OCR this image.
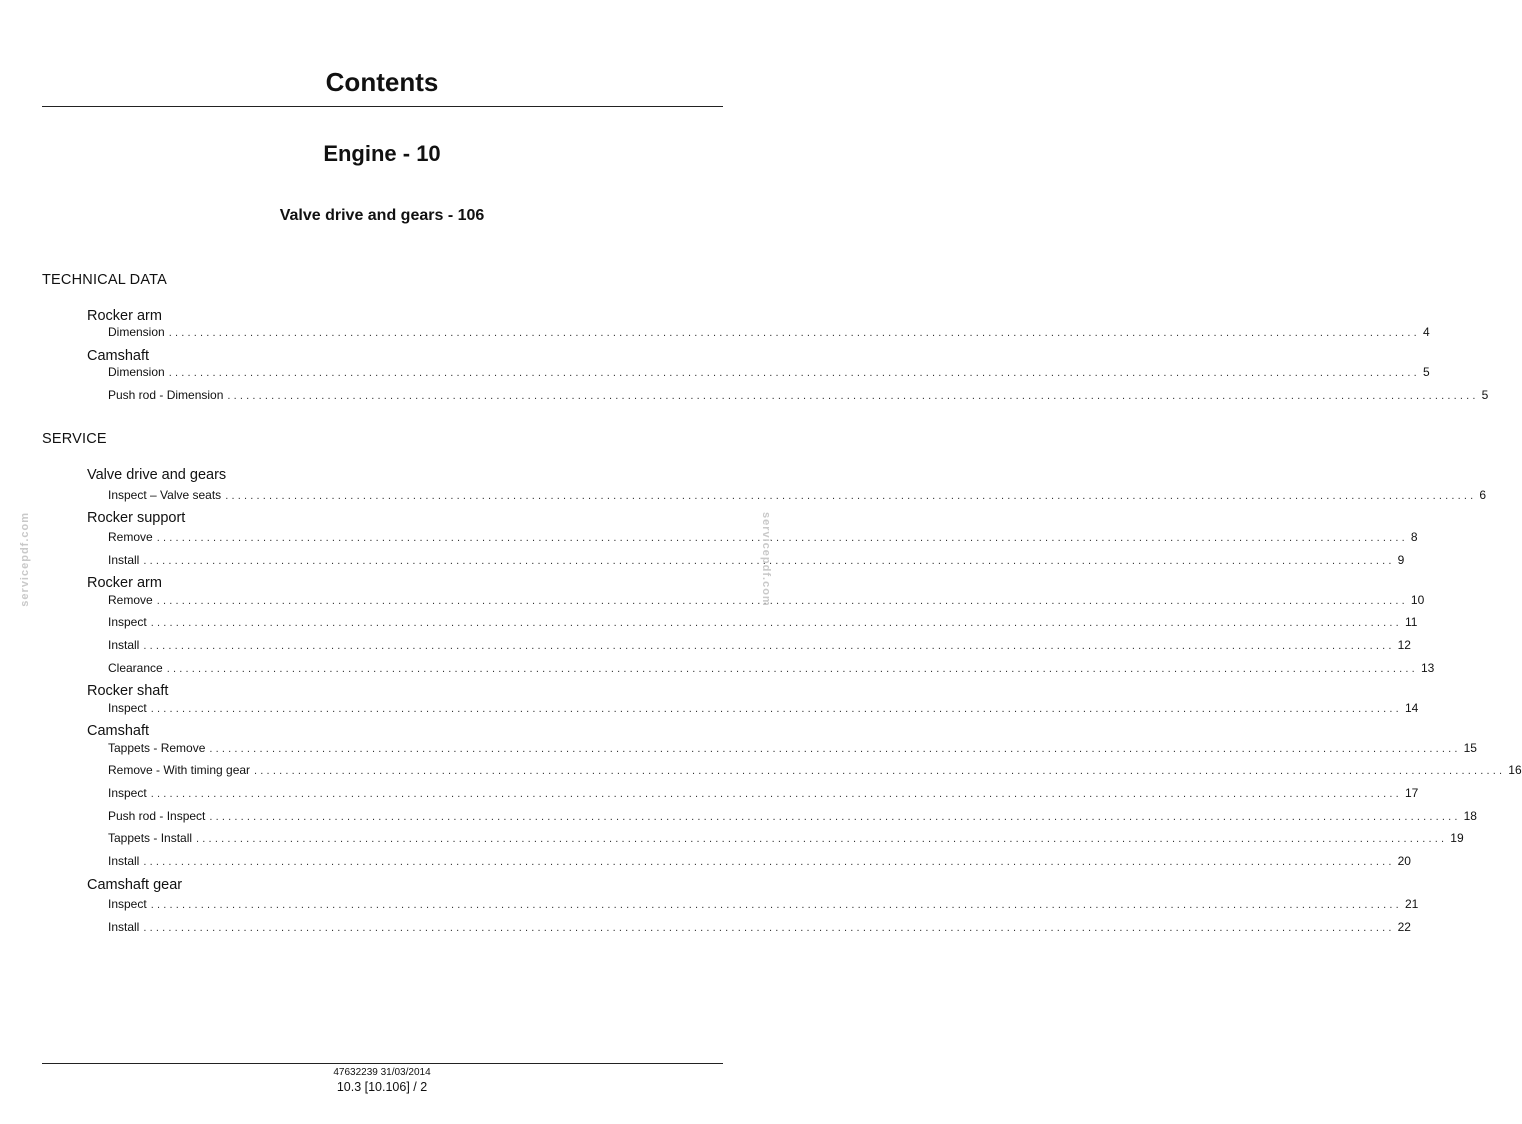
Contents
Engine - 10
Valve drive and gears - 106
TECHNICAL DATA
Rocker arm
Dimension ........................................................................................................................................................................................................ 4
Camshaft
Dimension ........................................................................................................................................................................................................ 5
Push rod - Dimension ........................................................................................................................................................................................................ 5
SERVICE
Valve drive and gears
Inspect – Valve seats ........................................................................................................................................................................................................ 6
Rocker support
Remove ........................................................................................................................................................................................................ 8
Install ........................................................................................................................................................................................................ 9
Rocker arm
Remove ........................................................................................................................................................................................................ 10
Inspect ........................................................................................................................................................................................................ 11
Install ........................................................................................................................................................................................................ 12
Clearance ........................................................................................................................................................................................................ 13
Rocker shaft
Inspect ........................................................................................................................................................................................................ 14
Camshaft
Tappets - Remove ........................................................................................................................................................................................................ 15
Remove - With timing gear ........................................................................................................................................................................................................ 16
Inspect ........................................................................................................................................................................................................ 17
Push rod - Inspect ........................................................................................................................................................................................................ 18
Tappets - Install ........................................................................................................................................................................................................ 19
Install ........................................................................................................................................................................................................ 20
Camshaft gear
Inspect ........................................................................................................................................................................................................ 21
Install ........................................................................................................................................................................................................ 22
servicepdf.com	servicepdf.com
47632239 31/03/2014
10.3 [10.106] / 2
